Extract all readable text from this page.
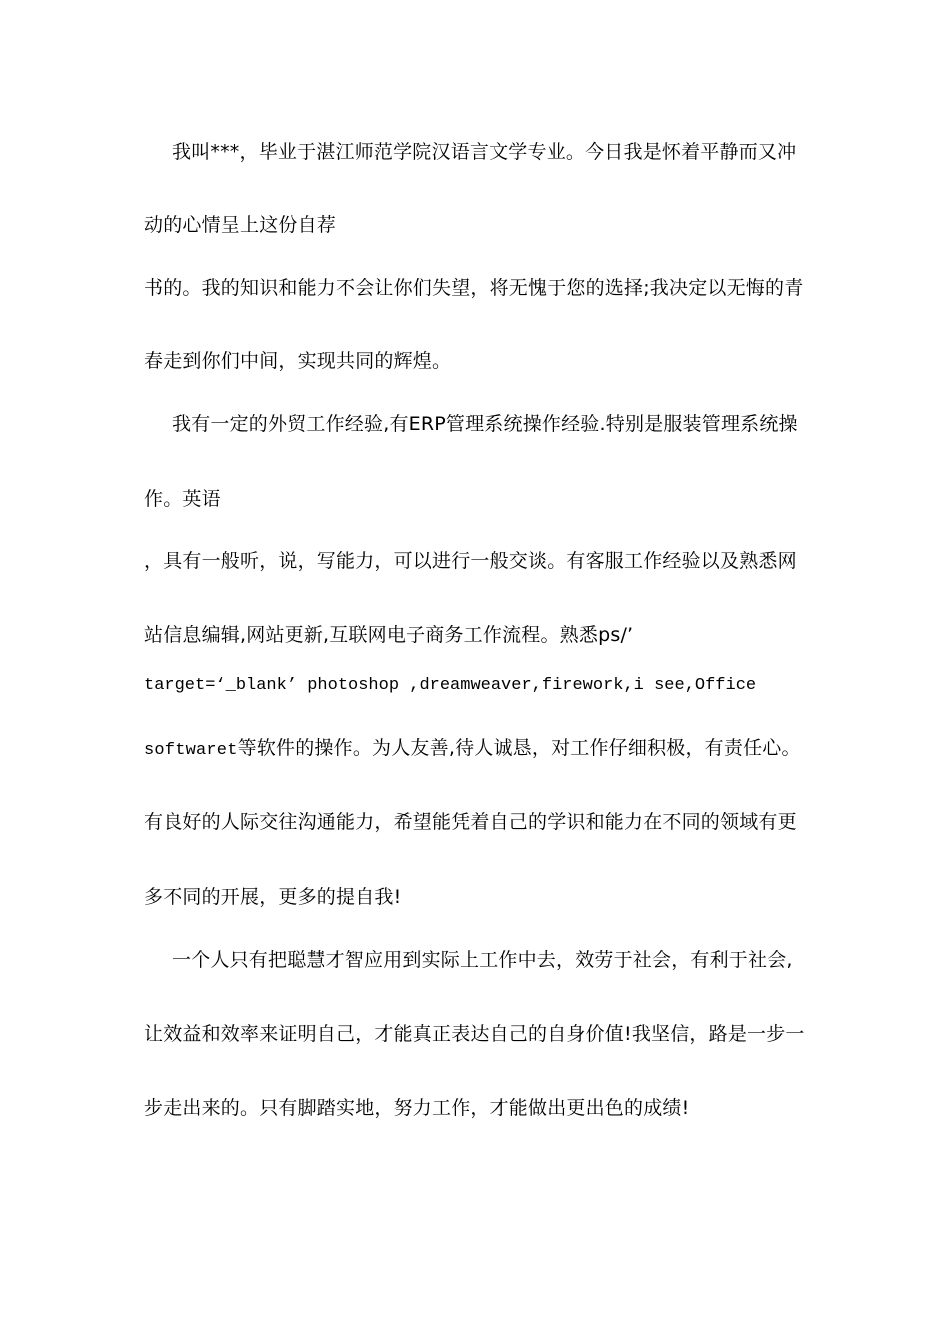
我叫***，毕业于湛江师范学院汉语言文学专业。今日我是怀着平静而又冲
动的心情呈上这份自荐
书的。我的知识和能力不会让你们失望，将无愧于您的选择;我决定以无悔的青
春走到你们中间，实现共同的辉煌。
我有一定的外贸工作经验,有ERP管理系统操作经验.特别是服装管理系统操
作。英语
，具有一般听，说，写能力，可以进行一般交谈。有客服工作经验以及熟悉网
站信息编辑,网站更新,互联网电子商务工作流程。熟悉ps/’
target=‘_blank’ photoshop ,dreamweaver,firework,i see,Office
softwaret等软件的操作。为人友善,待人诚恳，对工作仔细积极，有责任心。
有良好的人际交往沟通能力，希望能凭着自己的学识和能力在不同的领域有更
多不同的开展，更多的提自我!
一个人只有把聪慧才智应用到实际上工作中去，效劳于社会，有利于社会,
让效益和效率来证明自己，才能真正表达自己的自身价值!我坚信，路是一步一
步走出来的。只有脚踏实地，努力工作，才能做出更出色的成绩!
